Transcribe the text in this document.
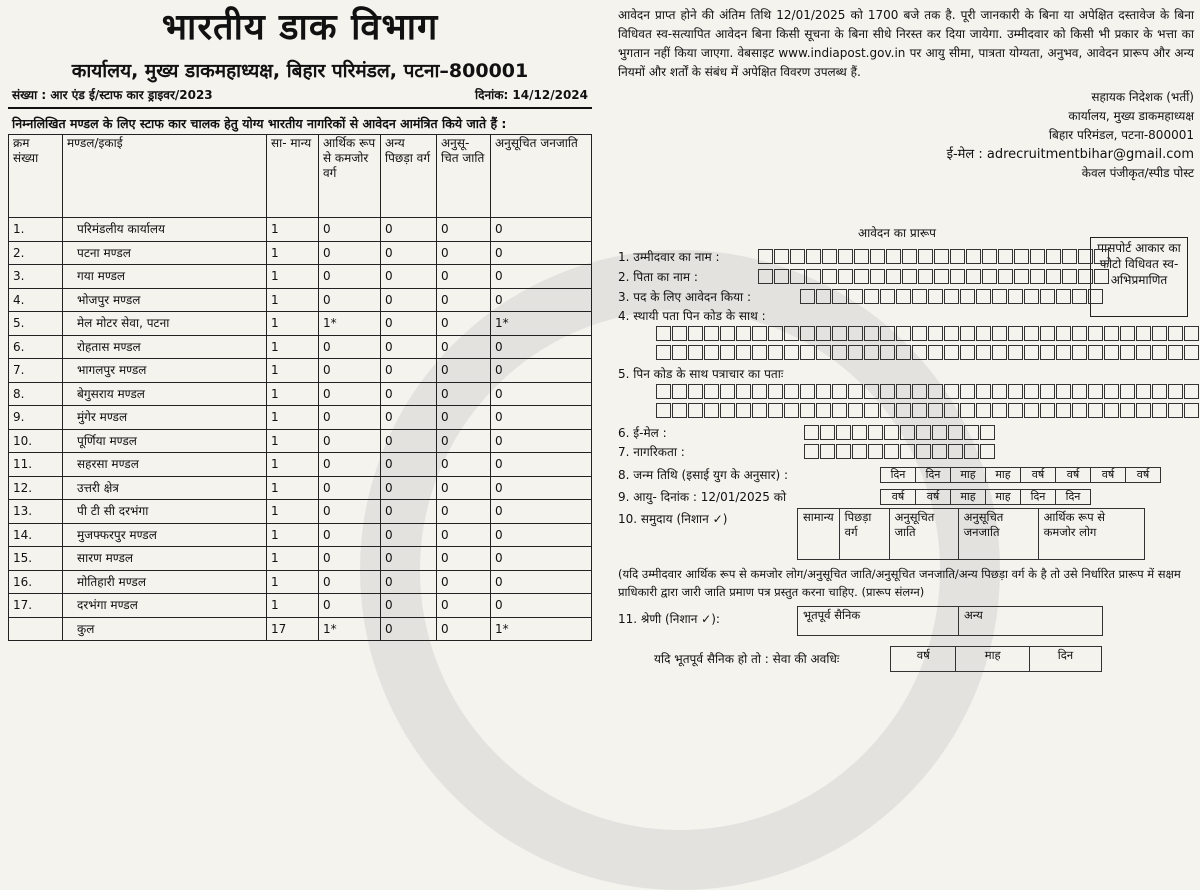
भारतीय डाक विभाग
कार्यालय, मुख्य डाकमहाध्यक्ष, बिहार परिमंडल, पटना–800001
संख्या : आर एंड ई/स्टाफ कार ड्राइवर/2023	दिनांक: 14/12/2024
निम्नलिखित मण्डल के लिए स्टाफ कार चालक हेतु योग्य भारतीय नागरिकों से आवेदन आमंत्रित किये जाते हैं :
क्रम संख्या	मण्डल/इकाई	सा- मान्य	आर्थिक रूप से कमजोर वर्ग	अन्य पिछड़ा वर्ग	अनुसू- चित जाति	अनुसूचित जनजाति
1.	परिमंडलीय कार्यालय	1	0	0	0	0
2.	पटना मण्डल	1	0	0	0	0
3.	गया मण्डल	1	0	0	0	0
4.	भोजपुर मण्डल	1	0	0	0	0
5.	मेल मोटर सेवा, पटना	1	1*	0	0	1*
6.	रोहतास मण्डल	1	0	0	0	0
7.	भागलपुर मण्डल	1	0	0	0	0
8.	बेगुसराय मण्डल	1	0	0	0	0
9.	मुंगेर मण्डल	1	0	0	0	0
10.	पूर्णिया मण्डल	1	0	0	0	0
11.	सहरसा मण्डल	1	0	0	0	0
12.	उत्तरी क्षेत्र	1	0	0	0	0
13.	पी टी सी दरभंगा	1	0	0	0	0
14.	मुजफ्फरपुर मण्डल	1	0	0	0	0
15.	सारण मण्डल	1	0	0	0	0
16.	मोतिहारी मण्डल	1	0	0	0	0
17.	दरभंगा मण्डल	1	0	0	0	0
	कुल	17	1*	0	0	1*

आवेदन प्राप्त होने की अंतिम तिथि 12/01/2025 को 1700 बजे तक है. पूरी जानकारी के बिना या अपेक्षित दस्तावेज के बिना विधिवत स्व-सत्यापित आवेदन बिना किसी सूचना के बिना सीधे निरस्त कर दिया जायेगा. उम्मीदवार को किसी भी प्रकार के भत्ता का भुगतान नहीं किया जाएगा. वेबसाइट www.indiapost.gov.in पर आयु सीमा, पात्रता योग्यता, अनुभव, आवेदन प्रारूप और अन्य नियमों और शर्तों के संबंध में अपेक्षित विवरण उपलब्ध हैं.

सहायक निदेशक (भर्ती)
कार्यालय, मुख्य डाकमहाध्यक्ष
बिहार परिमंडल, पटना-800001
ई-मेल : adrecruitmentbihar@gmail.com
केवल पंजीकृत/स्पीड पोस्ट
आवेदन का प्रारूप
पासपोर्ट आकार का फोटो विधिवत स्व-अभिप्रमाणित
1. उम्मीदवार का नाम :
2. पिता का नाम :
3. पद के लिए आवेदन किया :
4. स्थायी पता पिन कोड के साथ :
5. पिन कोड के साथ पत्राचार का पताः
6. ई-मेल :
7. नागरिकता :
8. जन्म तिथि (इसाई युग के अनुसार) :	दिन	दिन	माह	माह	वर्ष	वर्ष	वर्ष	वर्ष
9. आयु- दिनांक : 12/01/2025 को	वर्ष	वर्ष	माह	माह	दिन	दिन
10. समुदाय (निशान ✓)	सामान्य	पिछड़ा वर्ग	अनुसूचित जाति	अनुसूचित जनजाति	आर्थिक रूप से कमजोर लोग
(यदि उम्मीदवार आर्थिक रूप से कमजोर लोग/अनुसूचित जाति/अनुसूचित जनजाति/अन्य पिछड़ा वर्ग के है तो उसे निर्धारित प्रारूप में सक्षम प्राधिकारी द्वारा जारी जाति प्रमाण पत्र प्रस्तुत करना चाहिए. (प्रारूप संलग्न)
11. श्रेणी (निशान ✓):	भूतपूर्व सैनिक	अन्य
यदि भूतपूर्व सैनिक हो तो : सेवा की अवधिः	वर्ष	माह	दिन
